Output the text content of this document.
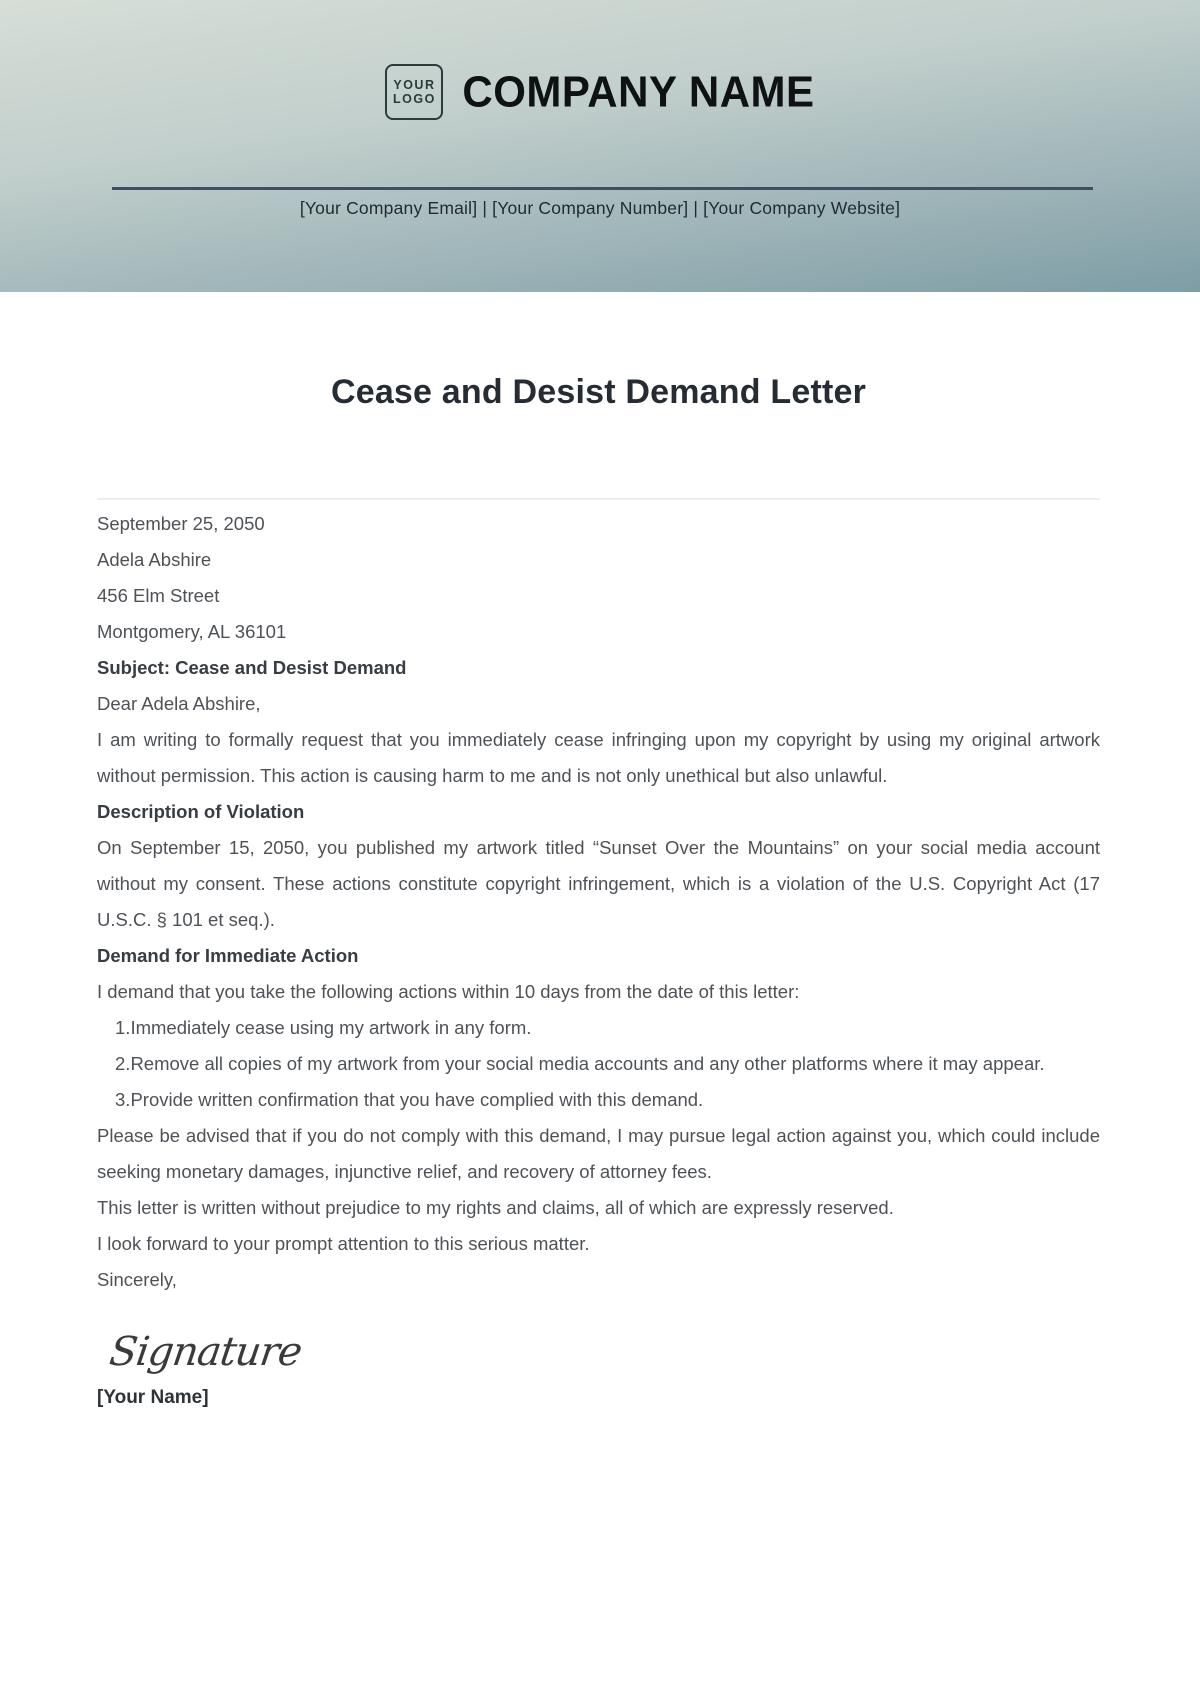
YOUR
LOGO COMPANY NAME
[Your Company Email] | [Your Company Number] | [Your Company Website]
Cease and Desist Demand Letter

September 25, 2050

Adela Abshire

456 Elm Street

Montgomery, AL 36101

Subject: Cease and Desist Demand

Dear Adela Abshire,

I am writing to formally request that you immediately cease infringing upon my copyright by using my original artwork without permission. This action is causing harm to me and is not only unethical but also unlawful.

Description of Violation

On September 15, 2050, you published my artwork titled “Sunset Over the Mountains” on your social media account without my consent. These actions constitute copyright infringement, which is a violation of the U.S. Copyright Act (17 U.S.C. § 101 et seq.).

Demand for Immediate Action

I demand that you take the following actions within 10 days from the date of this letter:

1. Immediately cease using my artwork in any form.
2. Remove all copies of my artwork from your social media accounts and any other platforms where it may appear.
3. Provide written confirmation that you have complied with this demand.

Please be advised that if you do not comply with this demand, I may pursue legal action against you, which could include seeking monetary damages, injunctive relief, and recovery of attorney fees.

This letter is written without prejudice to my rights and claims, all of which are expressly reserved.

I look forward to your prompt attention to this serious matter.

Sincerely,

Signature

[Your Name]
